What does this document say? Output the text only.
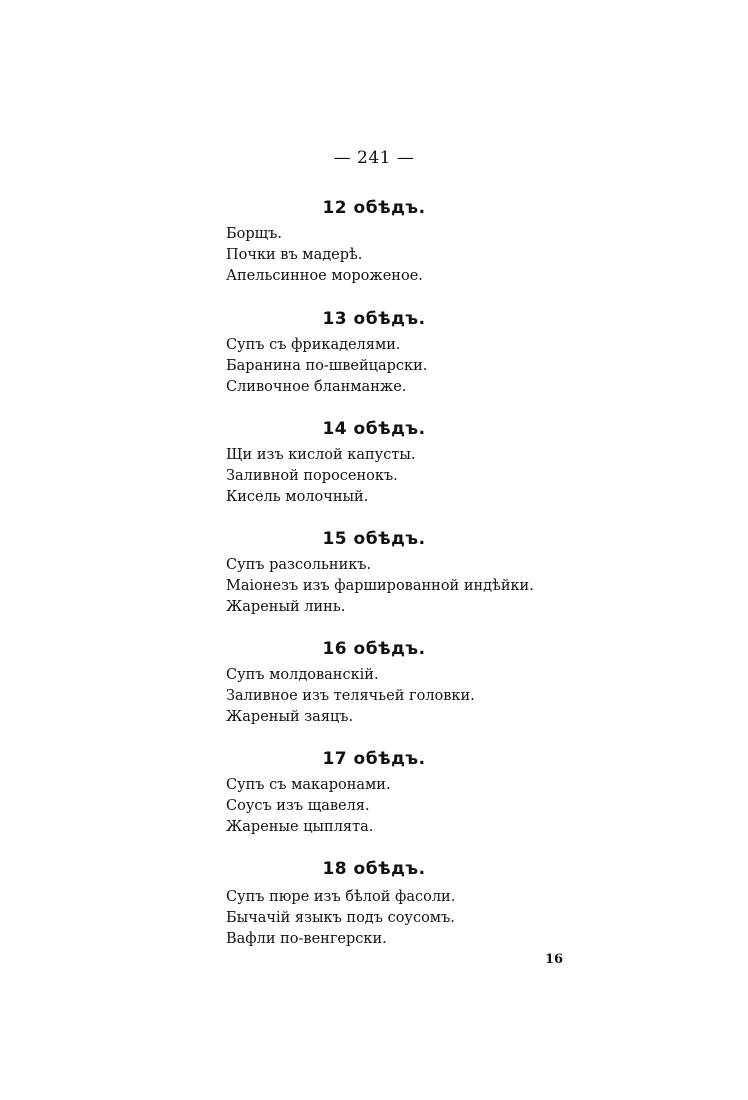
— 241 —
12 обѣдъ.
Борщъ.
Почки въ мадерѣ.
Апельсинное мороженое.
13 обѣдъ.
Супъ съ фрикаделями.
Баранина по-швейцарски.
Сливочное бланманже.
14 обѣдъ.
Щи изъ кислой капусты.
Заливной поросенокъ.
Кисель молочный.
15 обѣдъ.
Супъ разсольникъ.
Маіонезъ изъ фаршированной индѣйки.
Жареный линь.
16 обѣдъ.
Супъ молдованскій.
Заливное изъ телячьей головки.
Жареный заяцъ.
17 обѣдъ.
Супъ съ макаронами.
Соусъ изъ щавеля.
Жареные цыплята.
18 обѣдъ.
Супъ пюре изъ бѣлой фасоли.
Бычачій языкъ подъ соусомъ.
Вафли по-венгерски.
16
